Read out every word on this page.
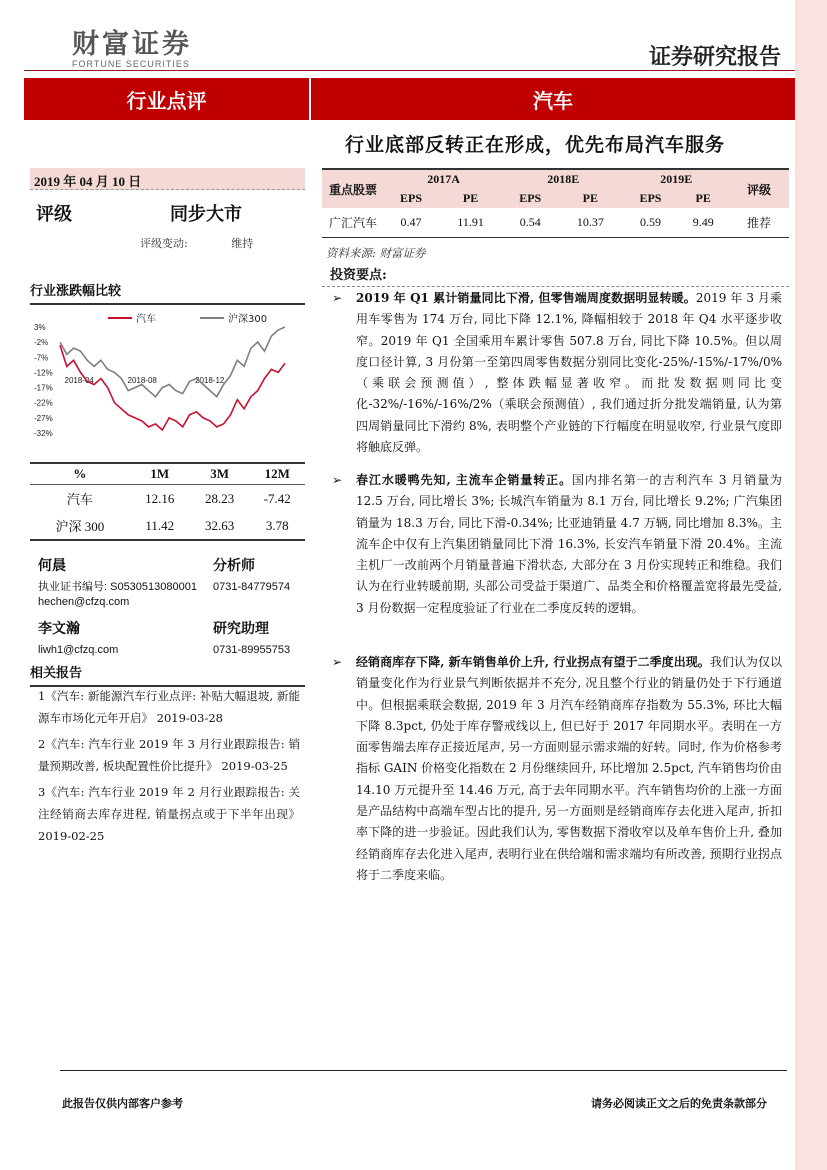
财富证券
FORTUNE SECURITIES	证券研究报告
行业点评	汽车
行业底部反转正在形成，优先布局汽车服务
2019 年 04 月 10 日
评级	同步大市
评级变动:	维持
行业涨跌幅比较
3%
-2%
-7%
-12%
-17%
-22%
-27%
-32%
2018-04	2018-08	2018-12
汽车	沪深300
%	1M	3M	12M
汽车	12.16	28.23	-7.42
沪深 300	11.42	32.63	3.78
何晨
执业证书编号: S0530513080001
hechen@cfzq.com
分析师
0731-84779574
李文瀚
liwh1@cfzq.com
研究助理
0731-89955753
相关报告

1《汽车: 新能源汽车行业点评: 补贴大幅退坡, 新能源车市场化元年开启》 2019-03-28

2《汽车: 汽车行业 2019 年 3 月行业跟踪报告: 销量预期改善, 板块配置性价比提升》 2019-03-25

3《汽车: 汽车行业 2019 年 2 月行业跟踪报告: 关注经销商去库存进程, 销量拐点或于下半年出现》 2019-02-25

重点股票	2017A		2018E		2019E		评级
	EPS	PE	EPS	PE	EPS	PE	
广汇汽车	0.47	11.91	0.54	10.37	0.59	9.49	推荐
资料来源: 财富证券
投资要点:
➢ 2019 年 Q1 累计销量同比下滑, 但零售端周度数据明显转暖。2019 年 3 月乘用车零售为 174 万台, 同比下降 12.1%, 降幅相较于 2018 年 Q4 水平逐步收窄。2019 年 Q1 全国乘用车累计零售 507.8 万台, 同比下降 10.5%。但以周度口径计算, 3 月份第一至第四周零售数据分别同比变化-25%/-15%/-17%/0%（乘联会预测值）, 整体跌幅显著收窄。而批发数据则同比变化-32%/-16%/-16%/2%（乘联会预测值）, 我们通过折分批发端销量, 认为第四周销量同比下滑约 8%, 表明整个产业链的下行幅度在明显收窄, 行业景气度即将触底反弹。
➢ 春江水暖鸭先知, 主流车企销量转正。国内排名第一的吉利汽车 3 月销量为 12.5 万台, 同比增长 3%; 长城汽车销量为 8.1 万台, 同比增长 9.2%; 广汽集团销量为 18.3 万台, 同比下滑-0.34%; 比亚迪销量 4.7 万辆, 同比增加 8.3%。主流车企中仅有上汽集团销量同比下滑 16.3%, 长安汽车销量下滑 20.4%。主流主机厂一改前两个月销量普遍下滑状态, 大部分在 3 月份实现转正和维稳。我们认为在行业转暖前期, 头部公司受益于渠道广、品类全和价格覆盖宽将最先受益, 3 月份数据一定程度验证了行业在二季度反转的逻辑。
➢ 经销商库存下降, 新车销售单价上升, 行业拐点有望于二季度出现。我们认为仅以销量变化作为行业景气判断依据并不充分, 况且整个行业的销量仍处于下行通道中。但根据乘联会数据, 2019 年 3 月汽车经销商库存指数为 55.3%, 环比大幅下降 8.3pct, 仍处于库存警戒线以上, 但已好于 2017 年同期水平。表明在一方面零售端去库存正接近尾声, 另一方面则显示需求端的好转。同时, 作为价格参考指标 GAIN 价格变化指数在 2 月份继续回升, 环比增加 2.5pct, 汽车销售均价由 14.10 万元提升至 14.46 万元, 高于去年同期水平。汽车销售均价的上涨一方面是产品结构中高端车型占比的提升, 另一方面则是经销商库存去化进入尾声, 折扣率下降的进一步验证。因此我们认为, 零售数据下滑收窄以及单车售价上升, 叠加经销商库存去化进入尾声, 表明行业在供给端和需求端均有所改善, 预期行业拐点将于二季度来临。
此报告仅供内部客户参考	请务必阅读正文之后的免责条款部分
